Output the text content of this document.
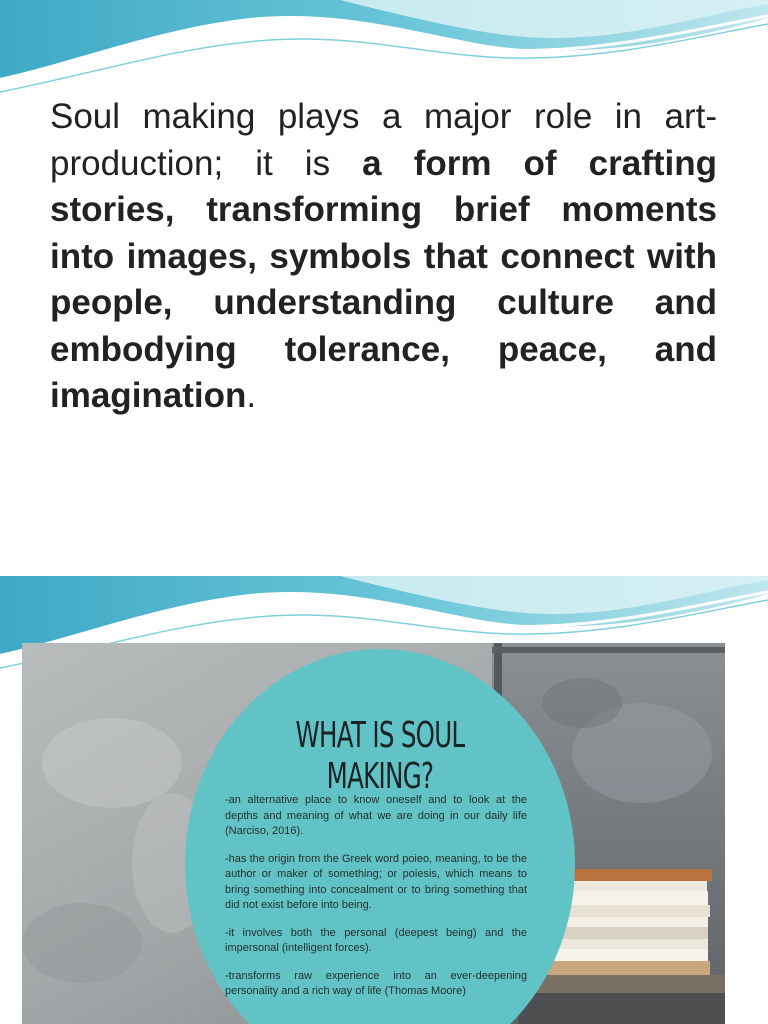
Soul making plays a major role in art-production; it is a form of crafting stories, transforming brief moments into images, symbols that connect with people, understanding culture and embodying tolerance, peace, and imagination.

WHAT IS SOUL MAKING?

-an alternative place to know oneself and to look at the depths and meaning of what we are doing in our daily life (Narciso, 2016).

-has the origin from the Greek word poieo, meaning, to be the author or maker of something; or poiesis, which means to bring something into concealment or to bring something that did not exist before into being.

-it involves both the personal (deepest being) and the impersonal (intelligent forces).

-transforms raw experience into an ever-deepening personality and a rich way of life (Thomas Moore)
